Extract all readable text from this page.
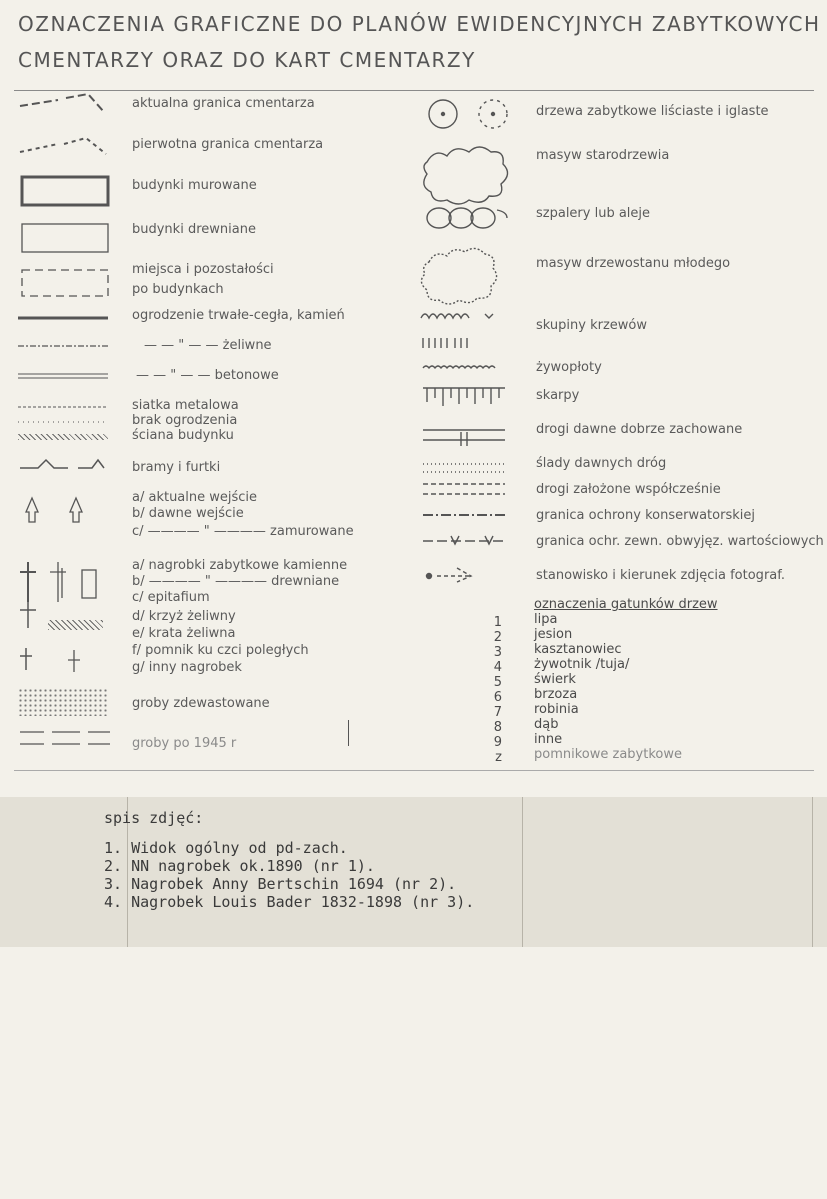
OZNACZENIA GRAFICZNE DO PLANÓW EWIDENCYJNYCH ZABYTKOWYCH
CMENTARZY ORAZ DO KART CMENTARZY
aktualna granica cmentarza
pierwotna granica cmentarza
budynki murowane
budynki drewniane
miejsca i pozostałości
po budynkach
ogrodzenie trwałe-cegła, kamień
— — " — — żeliwne
— — " — — betonowe
siatka metalowa
brak ogrodzenia
ściana budynku
bramy i furtki
a/ aktualne wejście
b/ dawne wejście
c/ ———— " ———— zamurowane
a/ nagrobki zabytkowe kamienne
b/ ———— " ———— drewniane
c/ epitafium
d/ krzyż żeliwny
e/ krata żeliwna
f/ pomnik ku czci poległych
g/ inny nagrobek
groby zdewastowane
groby po 1945 r
drzewa zabytkowe liściaste i iglaste
masyw starodrzewia
szpalery lub aleje
masyw drzewostanu młodego
skupiny krzewów
żywopłoty
skarpy
drogi dawne dobrze zachowane
ślady dawnych dróg
drogi założone współcześnie
granica ochrony konserwatorskiej
granica ochr. zewn. obwyjęz. wartościowych
stanowisko i kierunek zdjęcia fotograf.
oznaczenia gatunków drzew
1 lipa
2 jesion
3 kasztanowiec
4 żywotnik /tuja/
5 świerk
6 brzoza
7 robinia
8 dąb
9 inne
z pomnikowe zabytkowe
spis zdjęć:
1. Widok ogólny od pd-zach.
2. NN nagrobek ok.1890 (nr 1).
3. Nagrobek Anny Bertschin 1694 (nr 2).
4. Nagrobek Louis Bader 1832-1898 (nr 3).
